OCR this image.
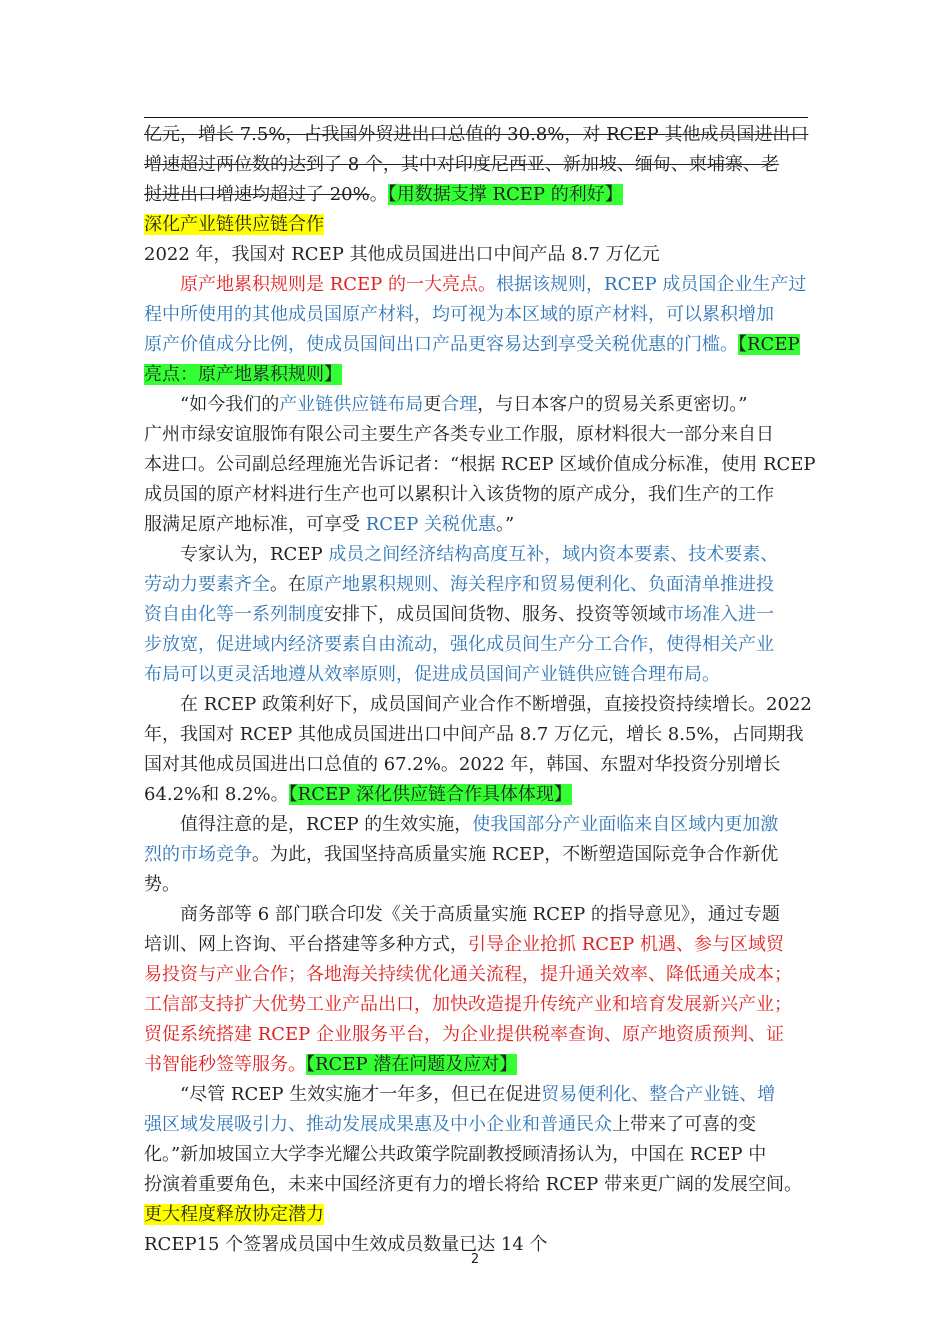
亿元，增长 7.5%，占我国外贸进出口总值的 30.8%，对 RCEP 其他成员国进出口
增速超过两位数的达到了 8 个，其中对印度尼西亚、新加坡、缅甸、柬埔寨、老
挝进出口增速均超过了 20%。【用数据支撑 RCEP 的利好】
深化产业链供应链合作
2022 年，我国对 RCEP 其他成员国进出口中间产品 8.7 万亿元
原产地累积规则是 RCEP 的一大亮点。根据该规则，RCEP 成员国企业生产过
程中所使用的其他成员国原产材料，均可视为本区域的原产材料，可以累积增加
原产价值成分比例，使成员国间出口产品更容易达到享受关税优惠的门槛。【RCEP
亮点：原产地累积规则】
“如今我们的产业链供应链布局更合理，与日本客户的贸易关系更密切。”
广州市绿安谊服饰有限公司主要生产各类专业工作服，原材料很大一部分来自日
本进口。公司副总经理施光告诉记者：“根据 RCEP 区域价值成分标准，使用 RCEP
成员国的原产材料进行生产也可以累积计入该货物的原产成分，我们生产的工作
服满足原产地标准，可享受 RCEP 关税优惠。”
专家认为，RCEP 成员之间经济结构高度互补，域内资本要素、技术要素、
劳动力要素齐全。在原产地累积规则、海关程序和贸易便利化、负面清单推进投
资自由化等一系列制度安排下，成员国间货物、服务、投资等领域市场准入进一
步放宽，促进域内经济要素自由流动，强化成员间生产分工合作，使得相关产业
布局可以更灵活地遵从效率原则，促进成员国间产业链供应链合理布局。
在 RCEP 政策利好下，成员国间产业合作不断增强，直接投资持续增长。2022
年，我国对 RCEP 其他成员国进出口中间产品 8.7 万亿元，增长 8.5%，占同期我
国对其他成员国进出口总值的 67.2%。2022 年，韩国、东盟对华投资分别增长
64.2%和 8.2%。【RCEP 深化供应链合作具体体现】
值得注意的是，RCEP 的生效实施，使我国部分产业面临来自区域内更加激
烈的市场竞争。为此，我国坚持高质量实施 RCEP，不断塑造国际竞争合作新优
势。
商务部等 6 部门联合印发《关于高质量实施 RCEP 的指导意见》，通过专题
培训、网上咨询、平台搭建等多种方式，引导企业抢抓 RCEP 机遇、参与区域贸
易投资与产业合作；各地海关持续优化通关流程，提升通关效率、降低通关成本；
工信部支持扩大优势工业产品出口，加快改造提升传统产业和培育发展新兴产业；
贸促系统搭建 RCEP 企业服务平台，为企业提供税率查询、原产地资质预判、证
书智能秒签等服务。【RCEP 潜在问题及应对】
“尽管 RCEP 生效实施才一年多，但已在促进贸易便利化、整合产业链、增
强区域发展吸引力、推动发展成果惠及中小企业和普通民众上带来了可喜的变
化。”新加坡国立大学李光耀公共政策学院副教授顾清扬认为，中国在 RCEP 中
扮演着重要角色，未来中国经济更有力的增长将给 RCEP 带来更广阔的发展空间。
更大程度释放协定潜力
RCEP15 个签署成员国中生效成员数量已达 14 个
2
